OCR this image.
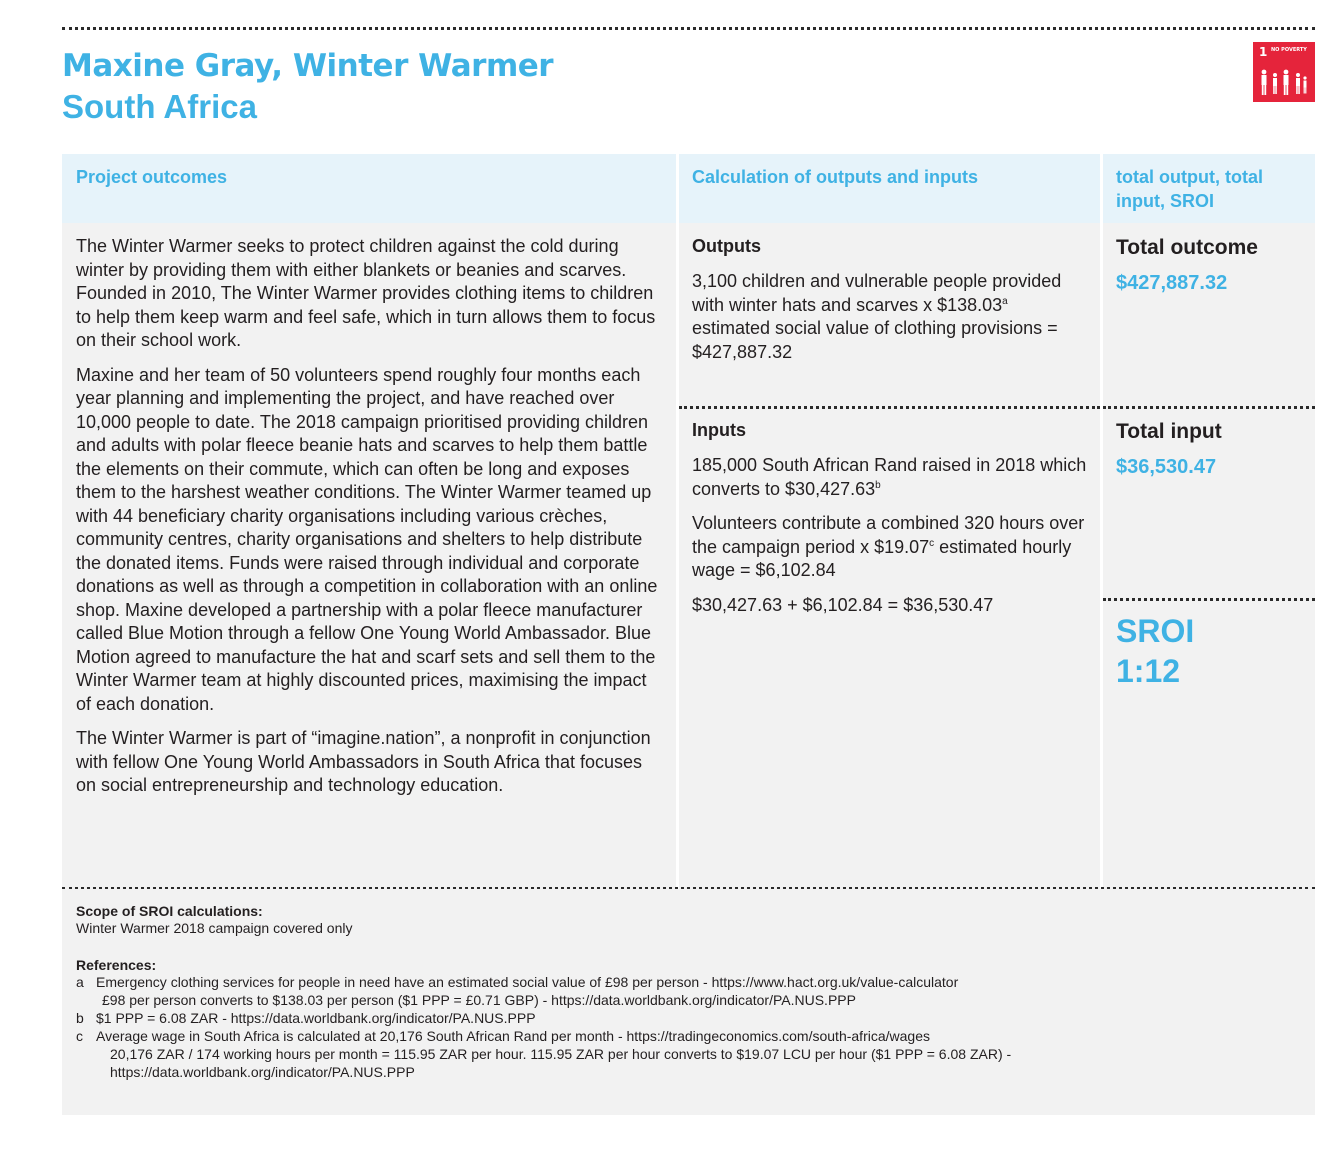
Maxine Gray, Winter Warmer
South Africa
1 NO POVERTY

Project outcomes

The Winter Warmer seeks to protect children against the cold during winter by providing them with either blankets or beanies and scarves. Founded in 2010, The Winter Warmer provides clothing items to children to help them keep warm and feel safe, which in turn allows them to focus on their school work.

Maxine and her team of 50 volunteers spend roughly four months each year planning and implementing the project, and have reached over 10,000 people to date. The 2018 campaign prioritised providing children and adults with polar fleece beanie hats and scarves to help them battle the elements on their commute, which can often be long and exposes them to the harshest weather conditions. The Winter Warmer teamed up with 44 beneficiary charity organisations including various crèches, community centres, charity organisations and shelters to help distribute the donated items. Funds were raised through individual and corporate donations as well as through a competition in collaboration with an online shop. Maxine developed a partnership with a polar fleece manufacturer called Blue Motion through a fellow One Young World Ambassador. Blue Motion agreed to manufacture the hat and scarf sets and sell them to the Winter Warmer team at highly discounted prices, maximising the impact of each donation.

The Winter Warmer is part of “imagine.nation”, a nonprofit in conjunction with fellow One Young World Ambassadors in South Africa that focuses on social entrepreneurship and technology education.

Calculation of outputs and inputs

Outputs

3,100 children and vulnerable people provided with winter hats and scarves x $138.03$^a$ estimated social value of clothing provisions = $427,887.32

Inputs

185,000 South African Rand raised in 2018 which converts to $30,427.63$^b$

Volunteers contribute a combined 320 hours over the campaign period x $19.07$^c$ estimated hourly wage = $6,102.84

$30,427.63 + $6,102.84 = $36,530.47

total output, total input, SROI

Total outcome

$427,887.32

Total input

$36,530.47

SROI

1:12

Scope of SROI calculations:

Winter Warmer 2018 campaign covered only

References:

a Emergency clothing services for people in need have an estimated social value of £98 per person - https://www.hact.org.uk/value-calculator

£98 per person converts to $138.03 per person ($1 PPP = £0.71 GBP) - https://data.worldbank.org/indicator/PA.NUS.PPP

b $1 PPP = 6.08 ZAR - https://data.worldbank.org/indicator/PA.NUS.PPP

c Average wage in South Africa is calculated at 20,176 South African Rand per month - https://tradingeconomics.com/south-africa/wages

20,176 ZAR / 174 working hours per month = 115.95 ZAR per hour. 115.95 ZAR per hour converts to $19.07 LCU per hour ($1 PPP = 6.08 ZAR) - https://data.worldbank.org/indicator/PA.NUS.PPP
